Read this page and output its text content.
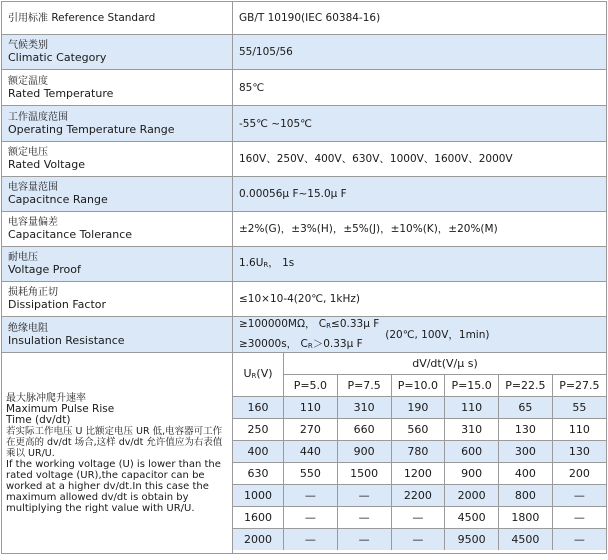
引用标准 Reference Standard	GB/T 10190(IEC 60384-16)

气候类别
Climatic Category	55/105/56

额定温度
Rated Temperature	85℃

工作温度范围
Operating Temperature Range	-55℃ ~105℃

额定电压
Rated Voltage	160V、250V、400V、630V、1000V、1600V、2000V

电容量范围
Capacitnce Range	0.00056μ F~15.0μ F

电容量偏差
Capacitance Tolerance	±2%(G)，±3%(H)，±5%(J)，±10%(K)，±20%(M)

耐电压
Voltage Proof	1.6UR， 1s

损耗角正切
Dissipation Factor	≤10×10-4(20℃, 1kHz)

绝缘电阻
Insulation Resistance

≥100000MΩ， CR≤0.33μ F
≥30000s， CR＞0.33μ F
(20℃, 100V，1min)

最大脉冲爬升速率
Maximum Pulse Rise
Time (dv/dt)
若实际工作电压 U 比额定电压 UR 低,电容器可工作在更高的 dv/dt 场合,这样 dv/dt 允许值应为右表值乘以 UR/U.
If the working voltage (U) is lower than the rated voltage (UR),the capacitor can be worked at a higher dv/dt.In this case the maximum allowed dv/dt is obtain by multiplying the right value with UR/U.

UR(V)	dV/dt(V/μ s)
P=5.0	P=7.5	P=10.0	P=15.0	P=22.5	P=27.5
160	110	310	190	110	65	55
250	270	660	560	310	130	110
400	440	900	780	600	300	130
630	550	1500	1200	900	400	200
1000	—	—	2200	2000	800	—
1600	—	—	—	4500	1800	—
2000	—	—	—	9500	4500	—
